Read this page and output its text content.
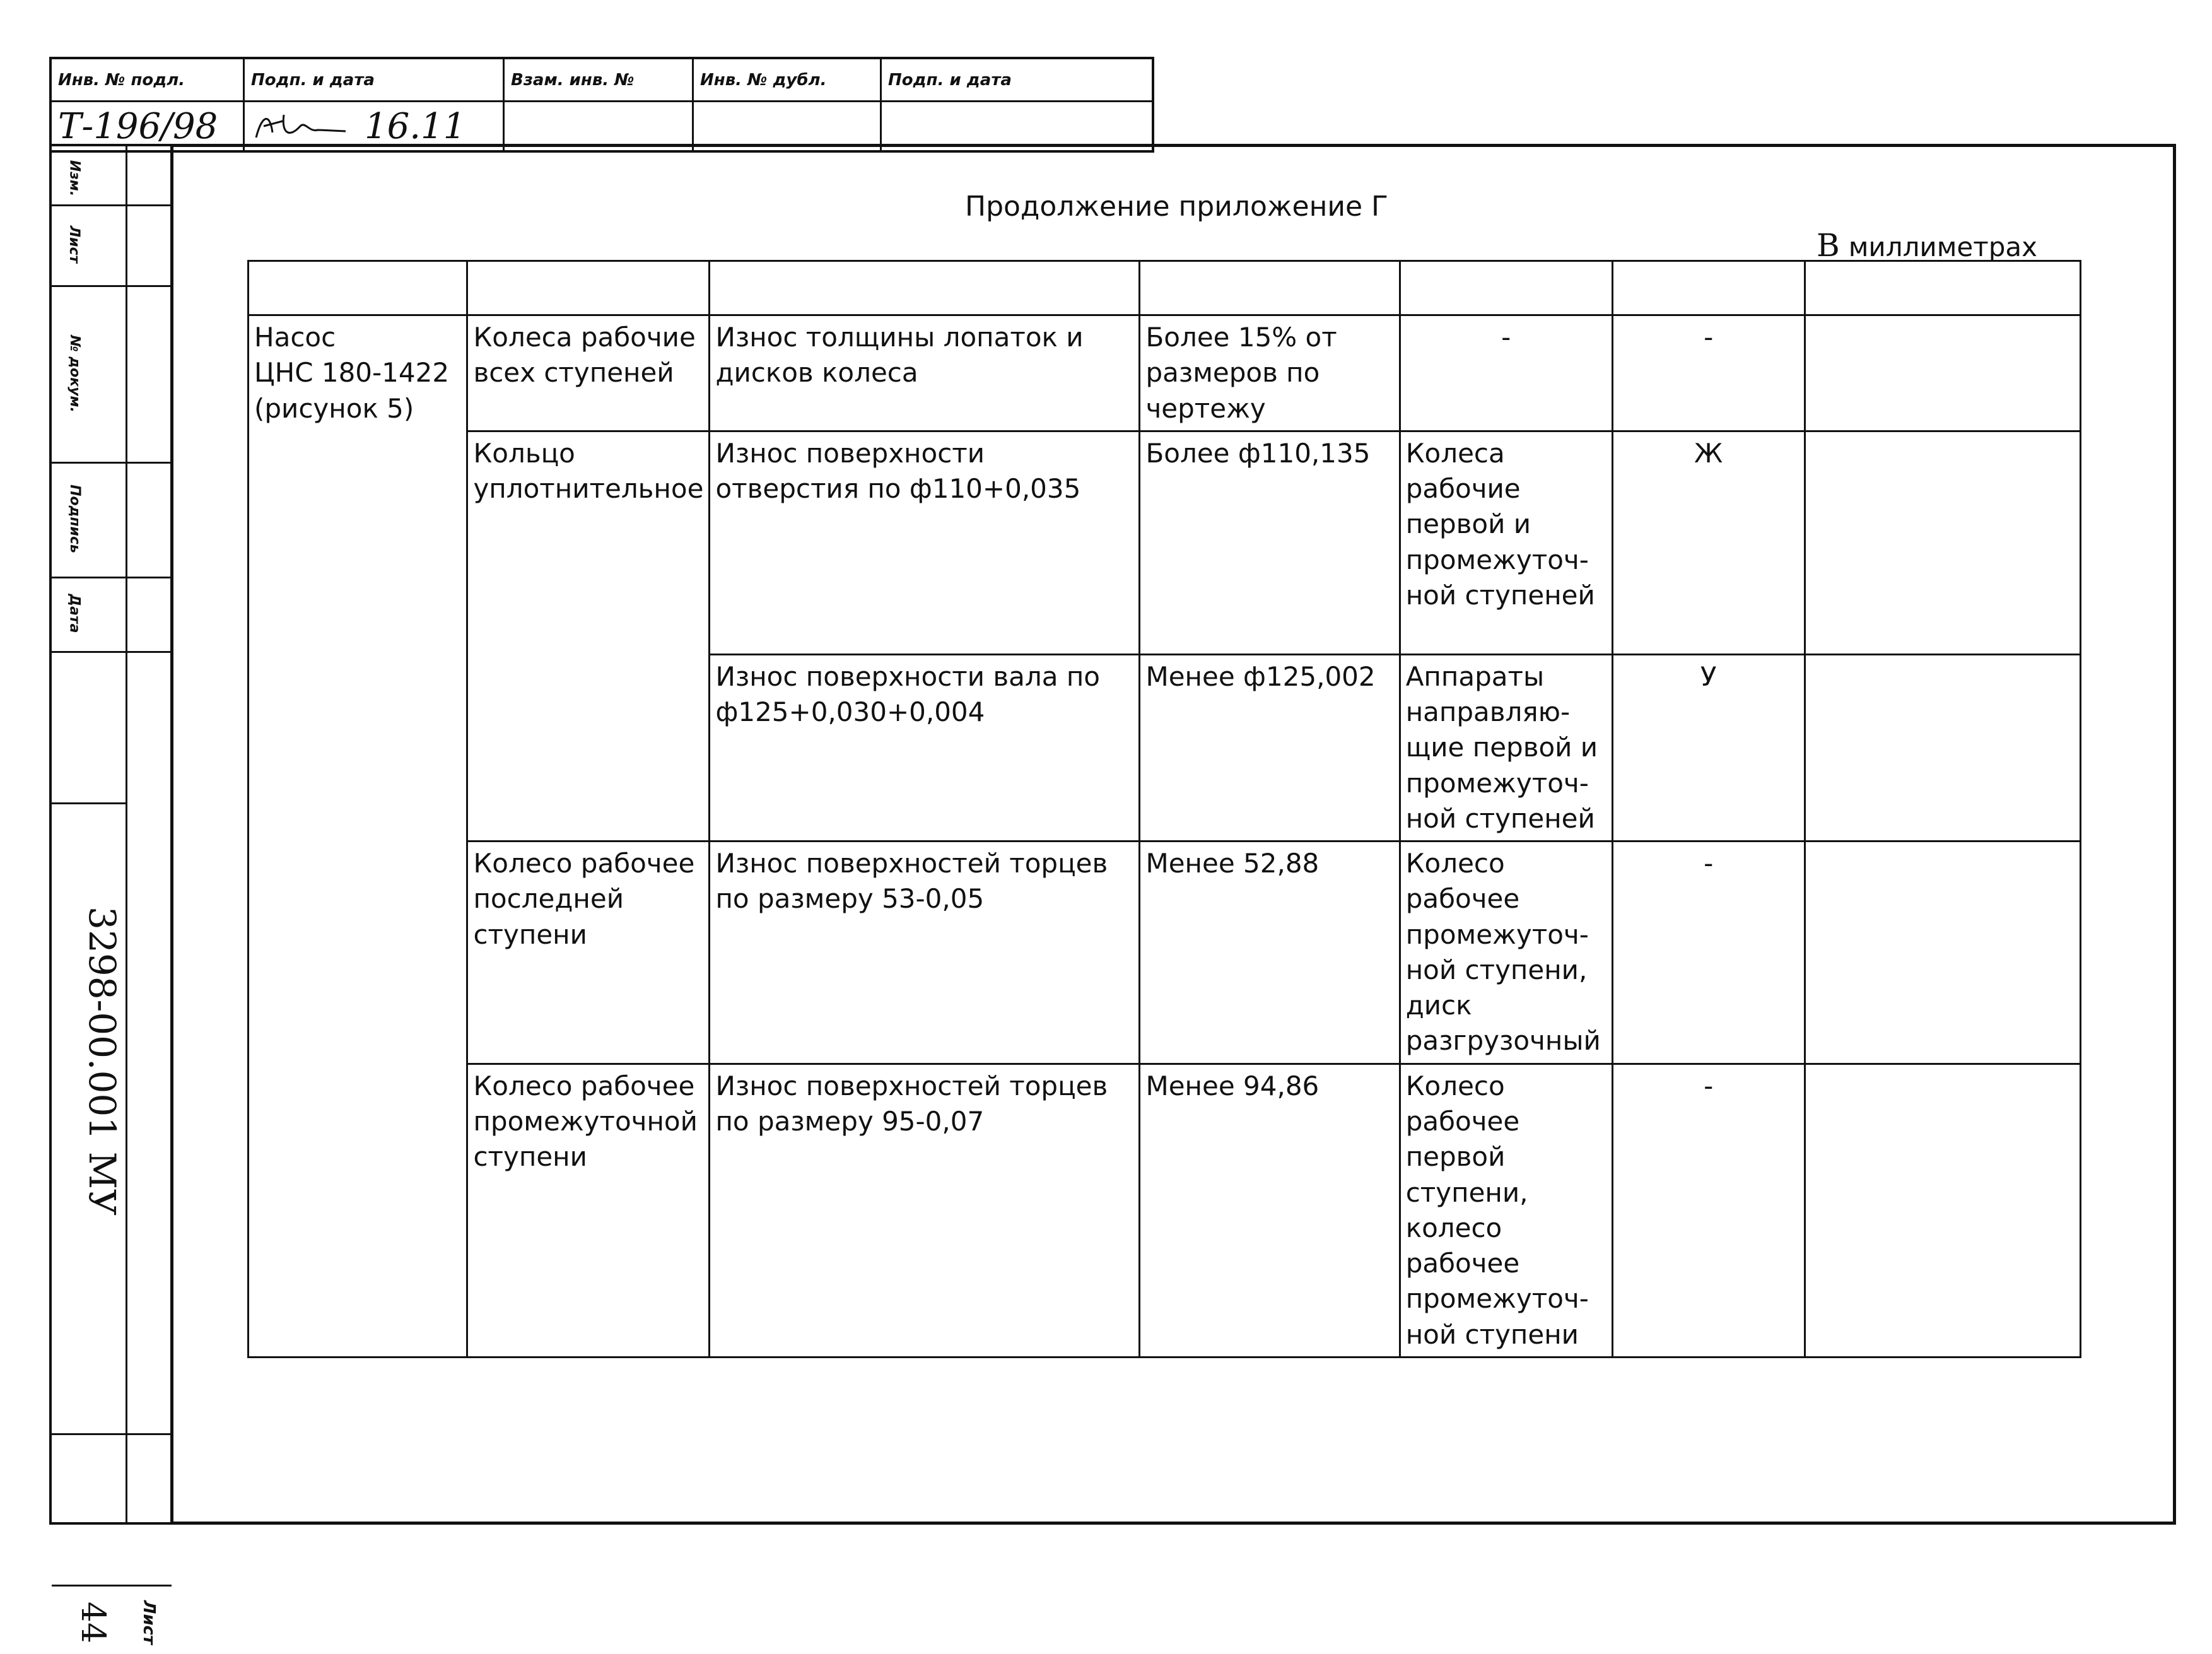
Инв. № подл.	Подп. и дата	Взам. инв. №	Инв. № дубл.	Подп. и дата
Т-196/98	16.11
Изм.
Лист
№ докум.
Подпись
Дата
3298-00.001 МУ
44 Лист
Продолжение приложение Г
В миллиметрах

Насос
ЦНС 180-1422
(рисунок 5)	Колеса рабочие всех ступеней	Износ толщины лопаток и дисков колеса	Более 15% от размеров по чертежу	-	-	
	Кольцо уплотнительное	Износ поверхности отверстия по ф110+0,035	Более ф110,135	Колеса рабочие первой и промежуточ-ной ступеней	Ж	
		Износ поверхности вала по ф125+0,030+0,004	Менее ф125,002	Аппараты направляю-щие первой и промежуточ-ной ступеней	У	
	Колесо рабочее последней ступени	Износ поверхностей торцев по размеру 53-0,05	Менее 52,88	Колесо рабочее промежуточ-ной ступени, диск разгрузочный	-	
	Колесо рабочее промежуточной ступени	Износ поверхностей торцев по размеру 95-0,07	Менее 94,86	Колесо рабочее первой ступени, колесо рабочее промежуточ-ной ступени	-	
